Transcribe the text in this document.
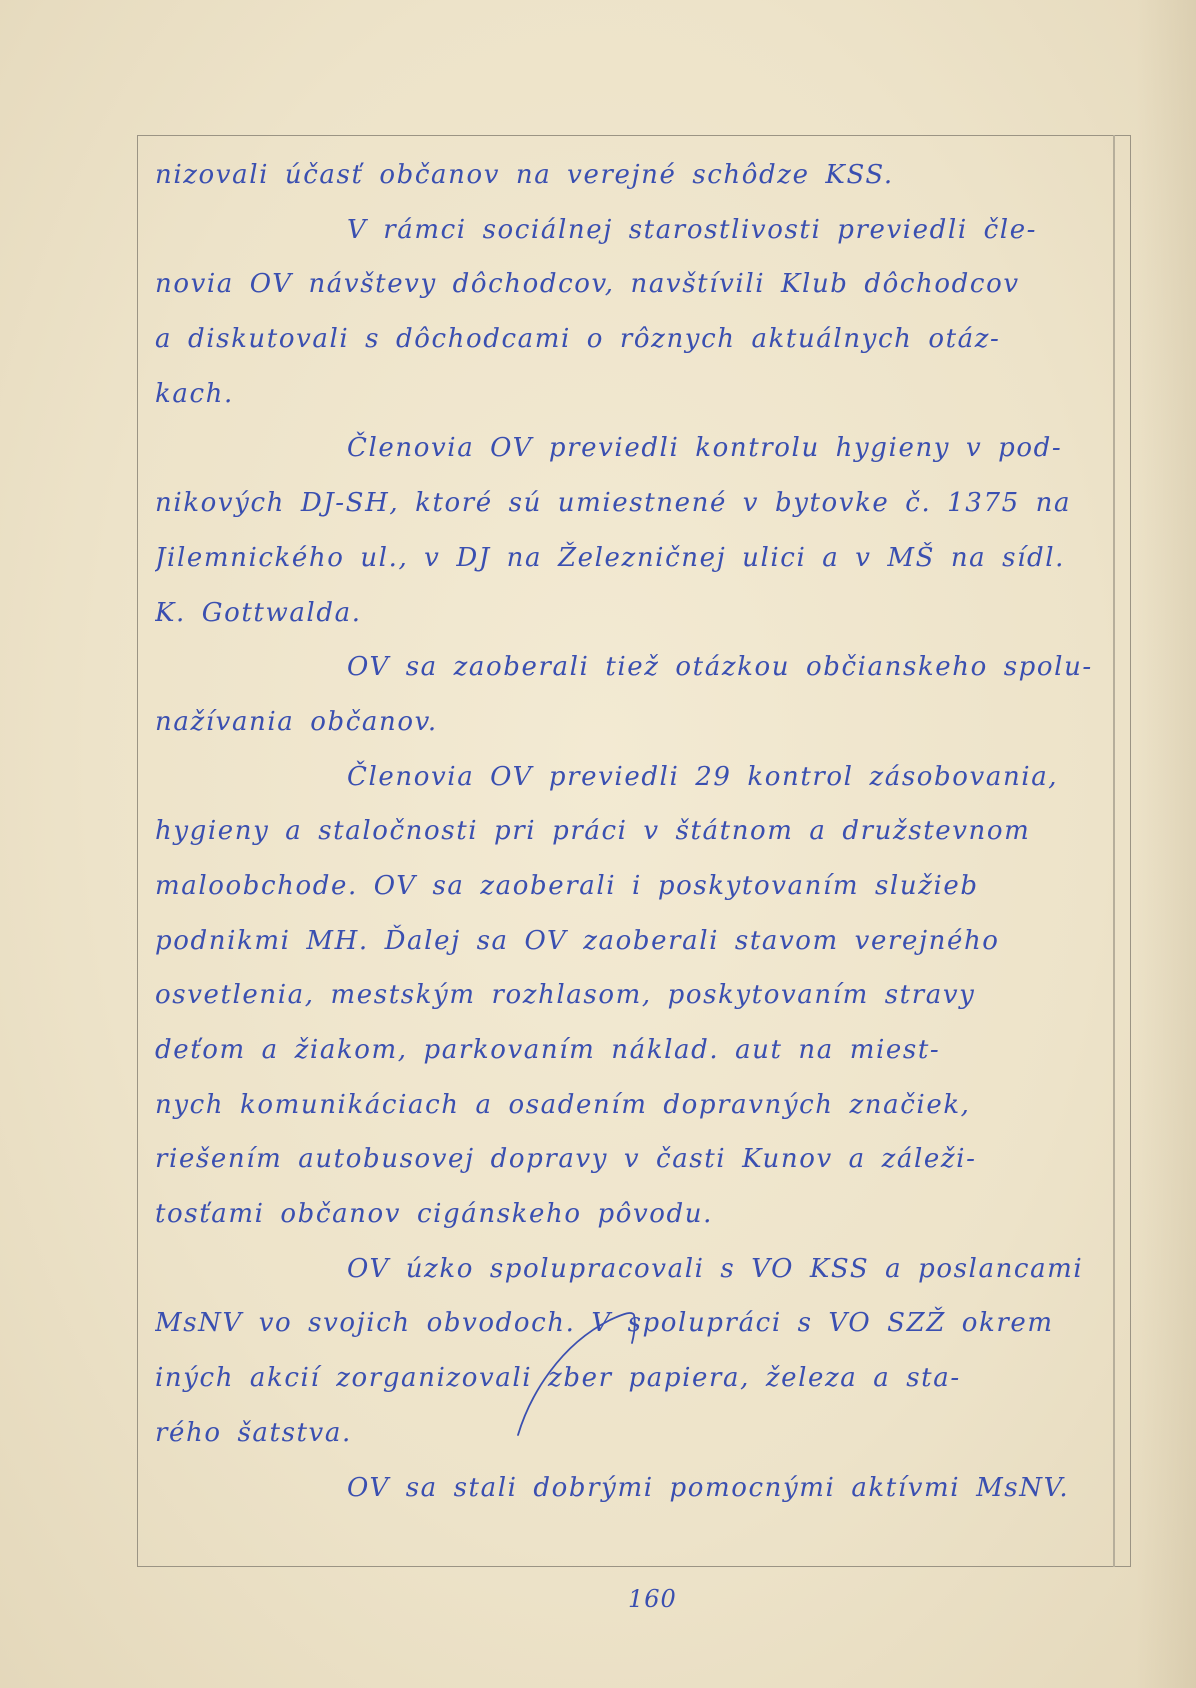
nizovali účasť občanov na verejné schôdze KSS.
V rámci sociálnej starostlivosti previedli čle-
novia OV návštevy dôchodcov, navštívili Klub dôchodcov
a diskutovali s dôchodcami o rôznych aktuálnych otáz-
kach.
Členovia OV previedli kontrolu hygieny v pod-
nikových DJ-SH, ktoré sú umiestnené v bytovke č. 1375 na
Jilemnického ul., v DJ na Železničnej ulici a v MŠ na sídl.
K. Gottwalda.
OV sa zaoberali tiež otázkou občianskeho spolu-
nažívania občanov.
Členovia OV previedli 29 kontrol zásobovania,
hygieny a staločnosti pri práci v štátnom a družstevnom
maloobchode. OV sa zaoberali i poskytovaním služieb
podnikmi MH. Ďalej sa OV zaoberali stavom verejného
osvetlenia, mestským rozhlasom, poskytovaním stravy
deťom a žiakom, parkovaním náklad. aut na miest-
nych komunikáciach a osadením dopravných značiek,
riešením autobusovej dopravy v časti Kunov a záleži-
tosťami občanov cigánskeho pôvodu.
OV úzko spolupracovali s VO KSS a poslancami
MsNV vo svojich obvodoch. V spolupráci s VO SZŽ okrem
iných akcií zorganizovali zber papiera, železa a sta-
rého šatstva.
OV sa stali dobrými pomocnými aktívmi MsNV.
160
